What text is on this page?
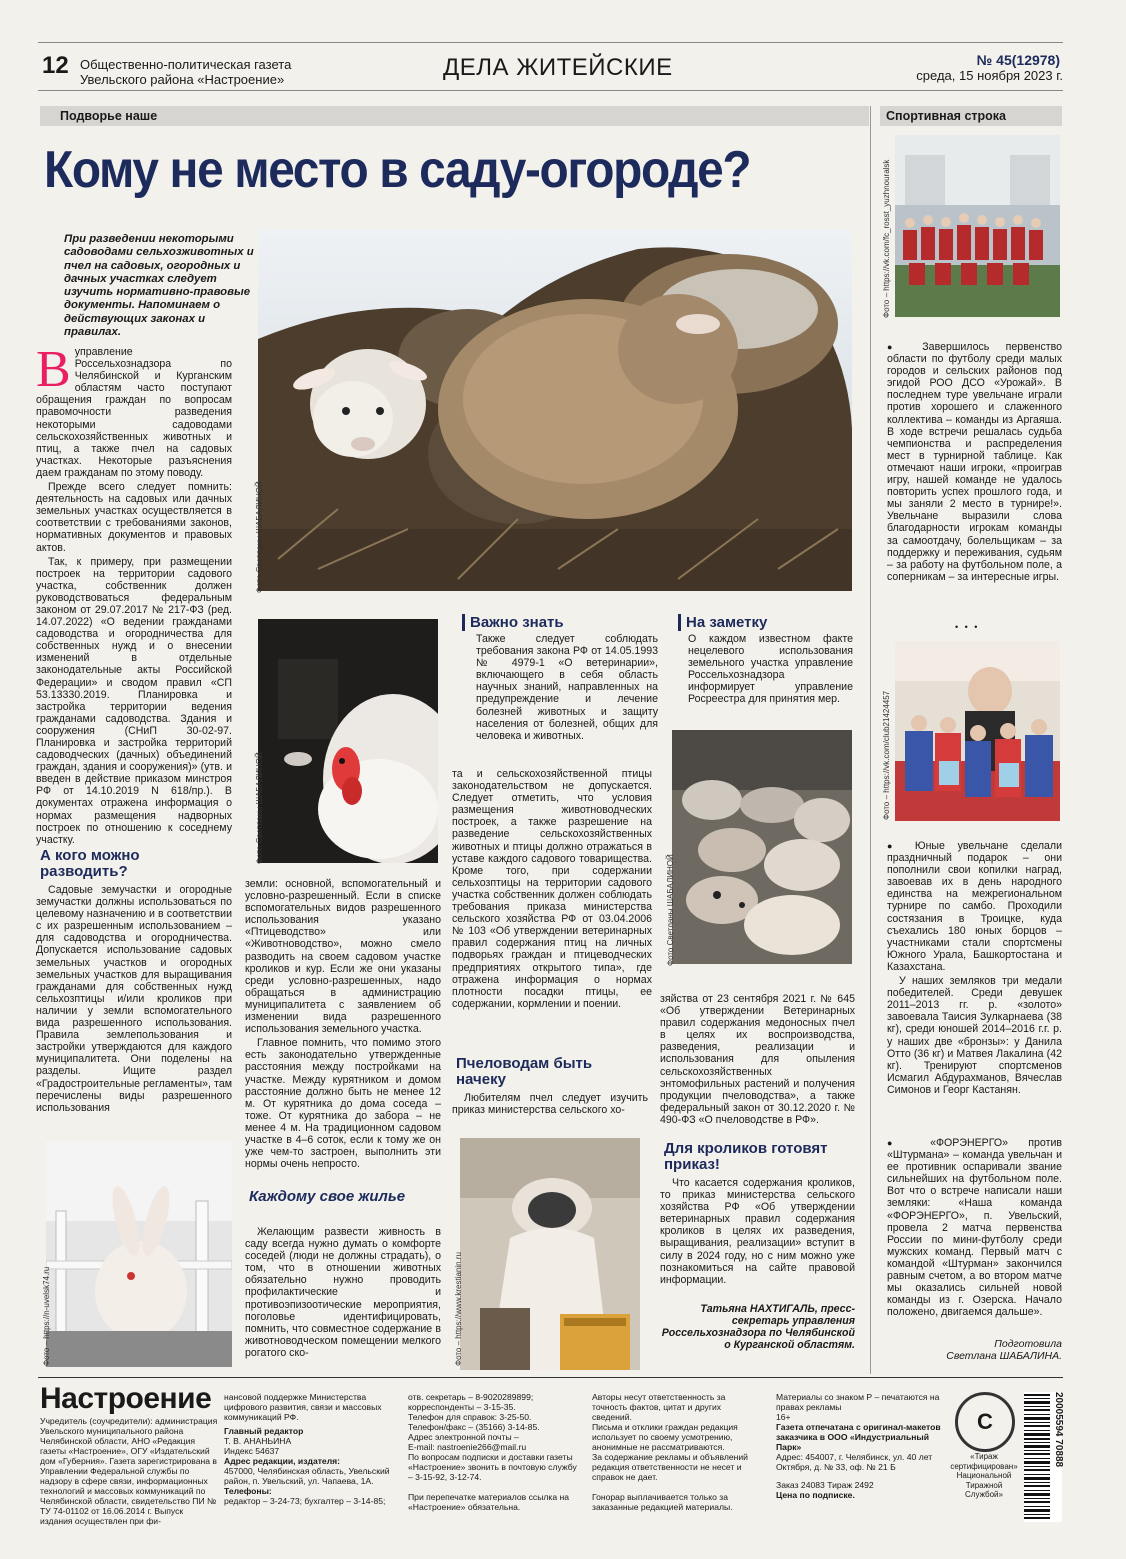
12 Общественно-политическая газета
Увельского района «Настроение»	ДЕЛА ЖИТЕЙСКИЕ	№ 45(12978)
среда, 15 ноября 2023 г.
Подворье наше	Спортивная строка
Кому не место в саду-огороде?
При разведении некоторыми садоводами сельхозживотных и пчел на садовых, огородных и дачных участках следует изучить нормативно-правовые документы. Напоминаем о действующих законах и правилах.

Вуправление Россельхознадзора по Челябинской и Курганским областям часто поступают обращения граждан по вопросам правомочности разведения некоторыми садоводами сельскохозяйственных животных и птиц, а также пчел на садовых участках. Некоторые разъяснения даем гражданам по этому поводу.

Прежде всего следует помнить: деятельность на садовых или дачных земельных участках осуществляется в соответствии с требованиями законов, нормативных документов и правовых актов.

Так, к примеру, при размещении построек на территории садового участка, собственник должен руководствоваться федеральным законом от 29.07.2017 № 217-ФЗ (ред. 14.07.2022) «О ведении гражданами садоводства и огородничества для собственных нужд и о внесении изменений в отдельные законодательные акты Российской Федерации» и сводом правил «СП 53.13330.2019. Планировка и застройка территории ведения гражданами садоводства. Здания и сооружения (СНиП 30-02-97. Планировка и застройка территорий садоводческих (дачных) объединений граждан, здания и сооружения)» (утв. и введен в действие приказом минстроя РФ от 14.10.2019 N 618/пр.). В документах отражена информация о нормах размещения надворных построек по отношению к соседнему участку.

А кого можно разводить?

Садовые земучастки и огородные земучастки должны использоваться по целевому назначению и в соответствии с их разрешенным использованием – для садоводства и огородничества. Допускается использование садовых земельных участков и огородных земельных участков для выращивания гражданами для собственных нужд сельхозптицы и/или кроликов при наличии у земли вспомогательного вида разрешенного использования. Правила землепользования и застройки утверждаются для каждого муниципалитета. Они поделены на разделы. Ищите раздел «Градостроительные регламенты», там перечислены виды разрешенного использования

Фото Светланы ШАБАЛИНОЙ
Фото Светланы ШАБАЛИНОЙ
Важно знать
Также следует соблюдать требования закона РФ от 14.05.1993 № 4979-1 «О ветеринарии», включающего в себя область научных знаний, направленных на предупреждение и лечение болезней животных и защиту населения от болезней, общих для человека и животных.
На заметку
О каждом известном факте нецелевого использования земельного участка управление Россельхознадзора информирует управление Росреестра для принятия мер.
Фото Светланы ШАБАЛИНОЙ

земли: основной, вспомогательный и условно-разрешенный. Если в списке вспомогательных видов разрешенного использования указано «Птицеводство» или «Животноводство», можно смело разводить на своем садовом участке кроликов и кур. Если же они указаны среди условно-разрешенных, надо обращаться в администрацию муниципалитета с заявлением об изменении вида разрешенного использования земельного участка.

Главное помнить, что помимо этого есть законодательно утвержденные расстояния между постройками на участке. Между курятником и домом расстояние должно быть не менее 12 м. От курятника до дома соседа – тоже. От курятника до забора – не менее 4 м. На традиционном садовом участке в 4–6 соток, если к тому же он уже чем-то застроен, выполнить эти нормы очень непросто.

Каждому свое жилье

Желающим развести живность в саду всегда нужно думать о комфорте соседей (люди не должны страдать), о том, что в отношении животных обязательно нужно проводить профилактические и противоэпизоотические мероприятия, поголовье идентифицировать, помнить, что совместное содержание в животноводческом помещении мелкого рогатого ско-

та и сельскохозяйственной птицы законодательством не допускается. Следует отметить, что условия размещения животноводческих построек, а также разрешение на разведение сельскохозяйственных животных и птицы должно отражаться в уставе каждого садового товарищества. Кроме того, при содержании сельхозптицы на территории садового участка собственник должен соблюдать требования приказа министерства сельского хозяйства РФ от 03.04.2006 № 103 «Об утверждении ветеринарных правил содержания птиц на личных подворьях граждан и птицеводческих предприятиях открытого типа», где отражена информация о нормах плотности посадки птицы, ее содержании, кормлении и поении.

Пчеловодам быть начеку

Любителям пчел следует изучить приказ министерства сельского хо-

зяйства от 23 сентября 2021 г. № 645 «Об утверждении Ветеринарных правил содержания медоносных пчел в целях их воспроизводства, разведения, реализации и использования для опыления сельскохозяйственных энтомофильных растений и получения продукции пчеловодства», а также федеральный закон от 30.12.2020 г. № 490-ФЗ «О пчеловодстве в РФ».

Для кроликов готовят приказ!

Что касается содержания кроликов, то приказ министерства сельского хозяйства РФ «Об утверждении ветеринарных правил содержания кроликов в целях их разведения, выращивания, реализации» вступит в силу в 2024 году, но с ним можно уже познакомиться на сайте правовой информации.

Татьяна НАХТИГАЛЬ, пресс-секретарь управления Россельхознадзора по Челябинской о Курганской областям.
Фото – https://n-uvelsk74.ru	Фото – https://www.krestianin.ru
Фото – https://vk.com/fc_rosst_yuzhnouralsk

● Завершилось первенство области по футболу среди малых городов и сельских районов под эгидой РОО ДСО «Урожай». В последнем туре увельчане играли против хорошего и слаженного коллектива – команды из Аргаяша. В ходе встречи решалась судьба чемпионства и распределения мест в турнирной таблице. Как отмечают наши игроки, «проиграв игру, нашей команде не удалось повторить успех прошлого года, и мы заняли 2 место в турнире!». Увельчане выразили слова благодарности игрокам команды за самоотдачу, болельщикам – за поддержку и переживания, судьям – за работу на футбольном поле, а соперникам – за интересные игры.

• • •
Фото – https://vk.com/club21424457

● Юные увельчане сделали праздничный подарок – они пополнили свои копилки наград, завоевав их в день народного единства на межрегиональном турнире по самбо. Проходили состязания в Троицке, куда съехались 180 юных борцов – участниками стали спортсмены Южного Урала, Башкортостана и Казахстана.

У наших земляков три медали победителей. Среди девушек 2011–2013 гг. р. «золото» завоевала Таисия Зулкарнаева (38 кг), среди юношей 2014–2016 г.г. р. у наших две «бронзы»: у Данила Отто (36 кг) и Матвея Лакалина (42 кг). Тренируют спортсменов Исмагил Абдурахманов, Вячеслав Симонов и Георг Кастанян.

● «ФОРЭНЕРГО» против «Штурмана» – команда увельчан и ее противник оспаривали звание сильнейших на футбольном поле. Вот что о встрече написали наши земляки: «Наша команда «ФОРЭНЕРГО», п. Увельский, провела 2 матча первенства России по мини-футболу среди мужских команд. Первый матч с командой «Штурман» закончился равным счетом, а во втором матче мы оказались сильней новой команды из г. Озерска. Начало положено, двигаемся дальше».

Подготовила
Светлана ШАБАЛИНА.
Настроение
Учредитель (соучредители): администрация Увельского муниципального района Челябинской области, АНО «Редакция газеты «Настроение», ОГУ «Издательский дом «Губерния». Газета зарегистрирована в Управлении Федеральной службы по надзору в сфере связи, информационных технологий и массовых коммуникаций по Челябинской области, свидетельство ПИ № ТУ 74-01102 от 16.06.2014 г. Выпуск издания осуществлен при фи-
нансовой поддержке Министерства цифрового развития, связи и массовых коммуникаций РФ.
Главный редактор
Т. В. АНАНЬИНА
Индекс 54637
Адрес редакции, издателя:
457000, Челябинская область, Увельский район, п. Увельский, ул. Чапаева, 1А.
Телефоны:
редактор – 3-24-73; бухгалтер – 3-14-85;
отв. секретарь – 8-9020289899; корреспонденты – 3-15-35.
Телефон для справок: 3-25-50.
Телефон/факс – (35166) 3-14-85.
Адрес электронной почты –
E-mail: nastroenie266@mail.ru
По вопросам подписки и доставки газеты «Настроение» звонить в почтовую службу – 3-15-92, 3-12-74.
При перепечатке материалов ссылка на «Настроение» обязательна.
Авторы несут ответственность за точность фактов, цитат и других сведений.
Письма и отклики граждан редакция использует по своему усмотрению, анонимные не рассматриваются.
За содержание рекламы и объявлений редакция ответственности не несет и справок не дает.
Гонорар выплачивается только за заказанные редакцией материалы.
Материалы со знаком Р – печатаются на правах рекламы
16+
Газета отпечатана с оригинал-макетов заказчика в ООО «Индустриальный Парк»
Адрес: 454007, г. Челябинск, ул. 40 лет Октября, д. № 33, оф. № 21 Б
Заказ 24083 Тираж 2492
Цена по подписке.
С
«Тираж сертифицирован» Национальной Тиражной Службой»
20005594 70888
